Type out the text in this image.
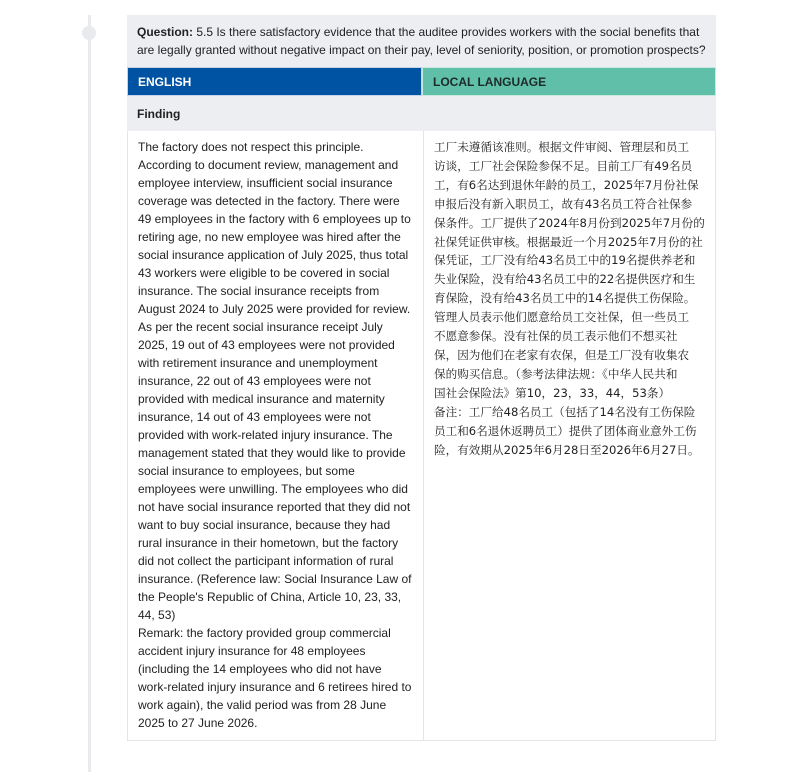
Question: 5.5 Is there satisfactory evidence that the auditee provides workers with the social benefits that are legally granted without negative impact on their pay, level of seniority, position, or promotion prospects?
ENGLISH	LOCAL LANGUAGE
Finding
The factory does not respect this principle.
According to document review, management and
employee interview, insufficient social insurance
coverage was detected in the factory. There were
49 employees in the factory with 6 employees up to
retiring age, no new employee was hired after the
social insurance application of July 2025, thus total
43 workers were eligible to be covered in social
insurance. The social insurance receipts from
August 2024 to July 2025 were provided for review.
As per the recent social insurance receipt July
2025, 19 out of 43 employees were not provided
with retirement insurance and unemployment
insurance, 22 out of 43 employees were not
provided with medical insurance and maternity
insurance, 14 out of 43 employees were not
provided with work-related injury insurance. The
management stated that they would like to provide
social insurance to employees, but some
employees were unwilling. The employees who did
not have social insurance reported that they did not
want to buy social insurance, because they had
rural insurance in their hometown, but the factory
did not collect the participant information of rural
insurance. (Reference law: Social Insurance Law of
the People's Republic of China, Article 10, 23, 33,
44, 53)
Remark: the factory provided group commercial
accident injury insurance for 48 employees
(including the 14 employees who did not have
work-related injury insurance and 6 retirees hired to
work again), the valid period was from 28 June
2025 to 27 June 2026.
工厂未遵循该准则。根据文件审阅、管理层和员工
访谈，工厂社会保险参保不足。目前工厂有49名员
工，有6名达到退休年龄的员工，2025年7月份社保
申报后没有新入职员工，故有43名员工符合社保参
保条件。工厂提供了2024年8月份到2025年7月份的
社保凭证供审核。根据最近一个月2025年7月份的社
保凭证，工厂没有给43名员工中的19名提供养老和
失业保险，没有给43名员工中的22名提供医疗和生
育保险，没有给43名员工中的14名提供工伤保险。
管理人员表示他们愿意给员工交社保，但一些员工
不愿意参保。没有社保的员工表示他们不想买社
保，因为他们在老家有农保，但是工厂没有收集农
保的购买信息。（参考法律法规：《中华人民共和
国社会保险法》第10，23，33，44，53条）
备注：工厂给48名员工（包括了14名没有工伤保险
员工和6名退休返聘员工）提供了团体商业意外工伤
险，有效期从2025年6月28日至2026年6月27日。
